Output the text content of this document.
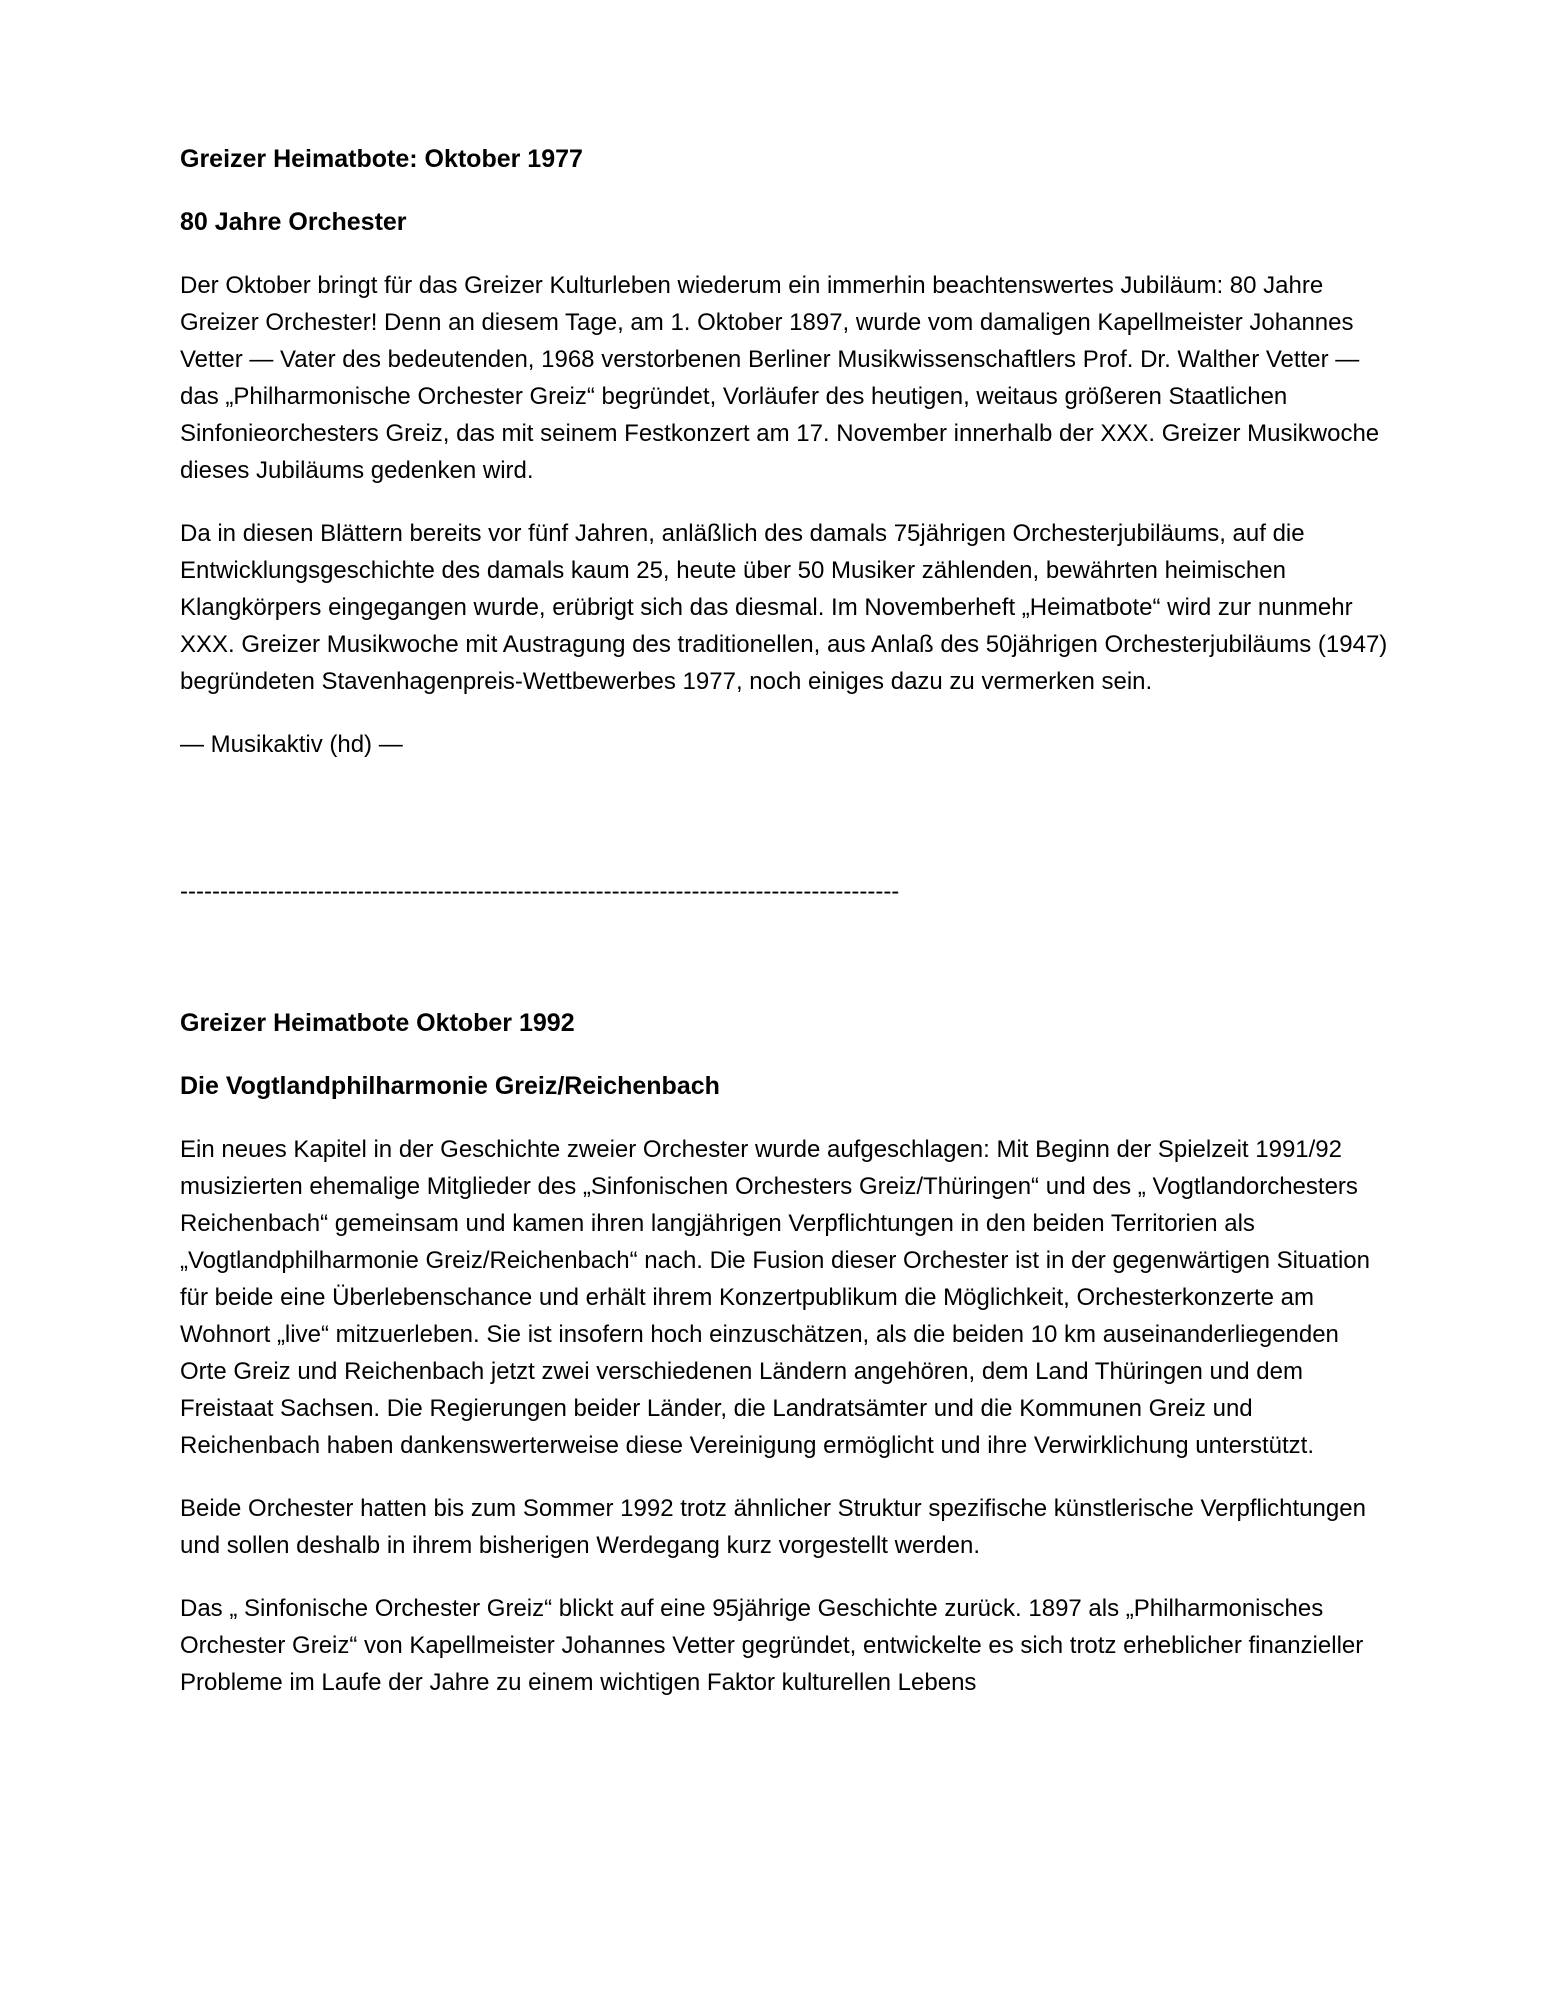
Greizer Heimatbote: Oktober 1977
80 Jahre Orchester

Der Oktober bringt für das Greizer Kulturleben wiederum ein immerhin beachtenswertes Jubiläum: 80 Jahre Greizer Orchester! Denn an diesem Tage, am 1. Oktober 1897, wurde vom damaligen Kapellmeister Johannes Vetter — Vater des bedeutenden, 1968 verstorbenen Berliner Musikwissenschaftlers Prof. Dr. Walther Vetter — das „Philharmonische Orchester Greiz“ begründet, Vorläufer des heutigen, weitaus größeren Staatlichen Sinfonieorchesters Greiz, das mit seinem Festkonzert am 17. November innerhalb der XXX. Greizer Musikwoche dieses Jubiläums gedenken wird.

Da in diesen Blättern bereits vor fünf Jahren, anläßlich des damals 75jährigen Orchesterjubiläums, auf die Entwicklungsgeschichte des damals kaum 25, heute über 50 Musiker zählenden, bewährten heimischen Klangkörpers eingegangen wurde, erübrigt sich das diesmal. Im Novemberheft „Heimatbote“ wird zur nunmehr XXX. Greizer Musikwoche mit Austragung des traditionellen, aus Anlaß des 50jährigen Orchesterjubiläums (1947) begründeten Stavenhagenpreis-Wettbewerbes 1977, noch einiges dazu zu vermerken sein.

— Musikaktiv (hd) —

------------------------------------------------------------------------------------------
Greizer Heimatbote Oktober 1992
Die Vogtlandphilharmonie Greiz/Reichenbach

Ein neues Kapitel in der Geschichte zweier Orchester wurde aufgeschlagen: Mit Beginn der Spielzeit 1991/92 musizierten ehemalige Mitglieder des „Sinfonischen Orchesters Greiz/Thüringen“ und des „ Vogtlandorchesters Reichenbach“ gemeinsam und kamen ihren langjährigen Verpflichtungen in den beiden Territorien als „Vogtlandphilharmonie Greiz/Reichenbach“ nach. Die Fusion dieser Orchester ist in der gegenwärtigen Situation für beide eine Überlebenschance und erhält ihrem Konzertpublikum die Möglichkeit, Orchesterkonzerte am Wohnort „live“ mitzuerleben. Sie ist insofern hoch einzuschätzen, als die beiden 10 km auseinanderliegenden Orte Greiz und Reichenbach jetzt zwei verschiedenen Ländern angehören, dem Land Thüringen und dem Freistaat Sachsen. Die Regierungen beider Länder, die Landratsämter und die Kommunen Greiz und Reichenbach haben dankenswerterweise diese Vereinigung ermöglicht und ihre Verwirklichung unterstützt.

Beide Orchester hatten bis zum Sommer 1992 trotz ähnlicher Struktur spezifische künstlerische Verpflichtungen und sollen deshalb in ihrem bisherigen Werdegang kurz vorgestellt werden.

Das „ Sinfonische Orchester Greiz“ blickt auf eine 95jährige Geschichte zurück. 1897 als „Philharmonisches Orchester Greiz“ von Kapellmeister Johannes Vetter gegründet, entwickelte es sich trotz erheblicher finanzieller Probleme im Laufe der Jahre zu einem wichtigen Faktor kulturellen Lebens
